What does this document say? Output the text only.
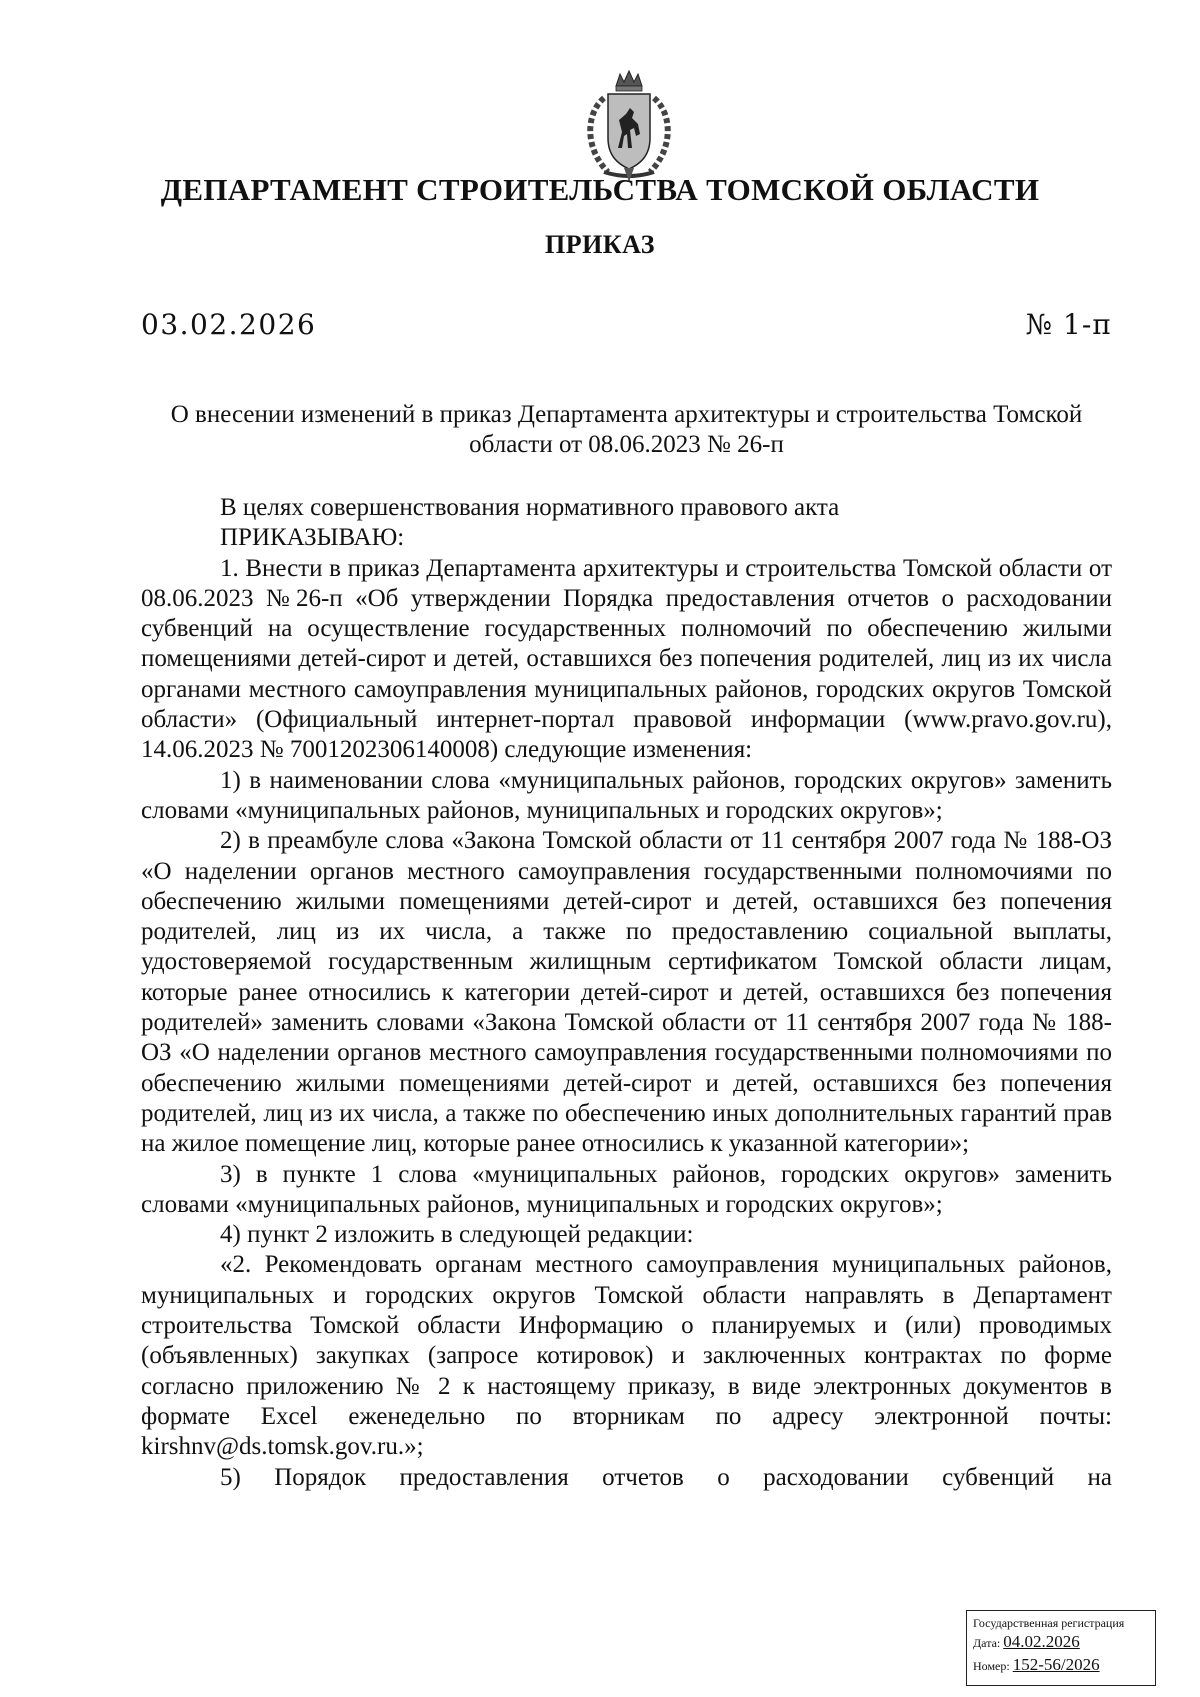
ДЕПАРТАМЕНТ СТРОИТЕЛЬСТВА ТОМСКОЙ ОБЛАСТИ
ПРИКАЗ
03.02.2026	№ 1-п
О внесении изменений в приказ Департамента архитектуры и строительства Томской области от 08.06.2023 № 26-п

В целях совершенствования нормативного правового акта

ПРИКАЗЫВАЮ:

1. Внести в приказ Департамента архитектуры и строительства Томской области от 08.06.2023 №26-п «Об утверждении Порядка предоставления отчетов о расходовании субвенций на осуществление государственных полномочий по обеспечению жилыми помещениями детей-сирот и детей, оставшихся без попечения родителей, лиц из их числа органами местного самоуправления муниципальных районов, городских округов Томской области» (Официальный интернет-портал правовой информации (www.pravo.gov.ru), 14.06.2023 № 7001202306140008) следующие изменения:

1) в наименовании слова «муниципальных районов, городских округов» заменить словами «муниципальных районов, муниципальных и городских округов»;

2) в преамбуле слова «Закона Томской области от 11 сентября 2007 года № 188-ОЗ «О наделении органов местного самоуправления государственными полномочиями по обеспечению жилыми помещениями детей-сирот и детей, оставшихся без попечения родителей, лиц из их числа, а также по предоставлению социальной выплаты, удостоверяемой государственным жилищным сертификатом Томской области лицам, которые ранее относились к категории детей-сирот и детей, оставшихся без попечения родителей» заменить словами «Закона Томской области от 11 сентября 2007 года № 188-ОЗ «О наделении органов местного самоуправления государственными полномочиями по обеспечению жилыми помещениями детей-сирот и детей, оставшихся без попечения родителей, лиц из их числа, а также по обеспечению иных дополнительных гарантий прав на жилое помещение лиц, которые ранее относились к указанной категории»;

3) в пункте 1 слова «муниципальных районов, городских округов» заменить словами «муниципальных районов, муниципальных и городских округов»;

4) пункт 2 изложить в следующей редакции:

«2. Рекомендовать органам местного самоуправления муниципальных районов, муниципальных и городских округов Томской области направлять в Департамент строительства Томской области Информацию о планируемых и (или) проводимых (объявленных) закупках (запросе котировок) и заключенных контрактах по форме согласно приложению № 2 к настоящему приказу, в виде электронных документов в формате Excel еженедельно по вторникам по адресу электронной почты: kirshnv@ds.tomsk.gov.ru.»;

5) Порядок предоставления отчетов о расходовании субвенций на

Государственная регистрация
Дата: 04.02.2026
Номер: 152-56/2026
